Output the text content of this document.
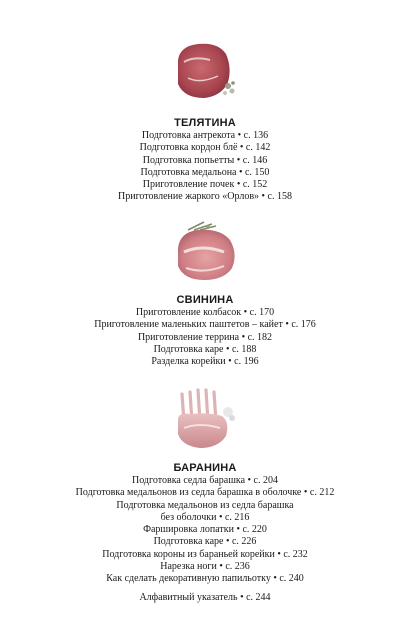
ТЕЛЯТИНА
Подготовка антрекота • с. 136
Подготовка кордон блё • с. 142
Подготовка попьетты • с. 146
Подготовка медальона • с. 150
Приготовление почек • с. 152
Приготовление жаркого «Орлов» • с. 158
СВИНИНА
Приготовление колбасок • с. 170
Приготовление маленьких паштетов – кайет • с. 176
Приготовление террина • с. 182
Подготовка каре • с. 188
Разделка корейки • с. 196
БАРАНИНА
Подготовка седла барашка • с. 204
Подготовка медальонов из седла барашка в оболочке • с. 212
Подготовка медальонов из седла барашка
без оболочки • с. 216
Фаршировка лопатки • с. 220
Подготовка каре • с. 226
Подготовка короны из бараньей корейки • с. 232
Нарезка ноги • с. 236
Как сделать декоративную папильотку • с. 240
Алфавитный указатель • с. 244
